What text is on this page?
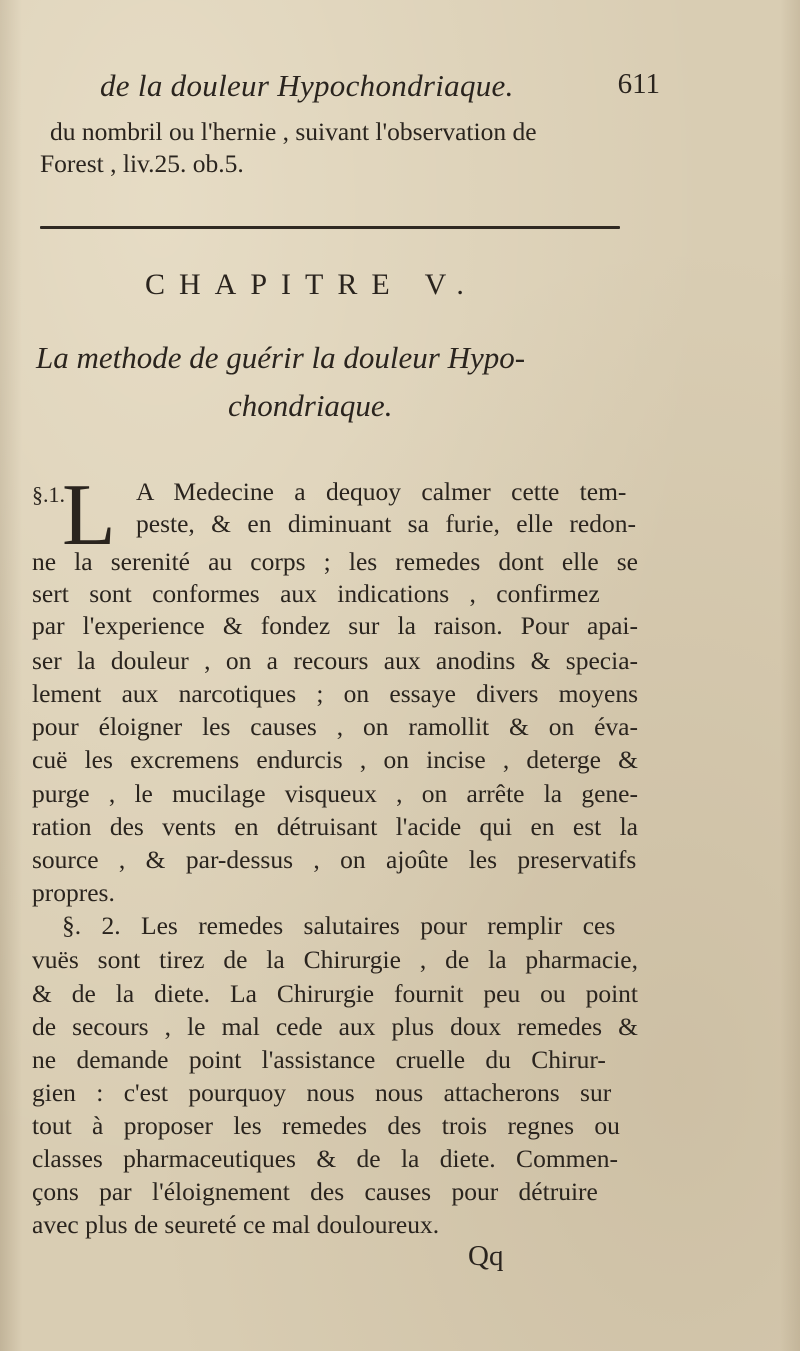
de la douleur Hypochondriaque.	611
du nombril ou l'hernie , suivant l'observation de
Forest , liv.25. ob.5.
CHAPITRE V.
La methode de guérir la douleur Hypo-
chondriaque.
§.1.
L A Medecine a dequoy calmer cette tem-
peste, & en diminuant sa furie, elle redon-
ne la serenité au corps ; les remedes dont elle se
sert sont conformes aux indications , confirmez
par l'experience & fondez sur la raison. Pour apai-
ser la douleur , on a recours aux anodins & specia-
lement aux narcotiques ; on essaye divers moyens
pour éloigner les causes , on ramollit & on éva-
cuë les excremens endurcis , on incise , deterge &
purge , le mucilage visqueux , on arrête la gene-
ration des vents en détruisant l'acide qui en est la
source , & par-dessus , on ajoûte les preservatifs
propres.
§. 2. Les remedes salutaires pour remplir ces
vuës sont tirez de la Chirurgie , de la pharmacie,
& de la diete. La Chirurgie fournit peu ou point
de secours , le mal cede aux plus doux remedes &
ne demande point l'assistance cruelle du Chirur-
gien : c'est pourquoy nous nous attacherons sur
tout à proposer les remedes des trois regnes ou
classes pharmaceutiques & de la diete. Commen-
çons par l'éloignement des causes pour détruire
avec plus de seureté ce mal douloureux.
Qq
